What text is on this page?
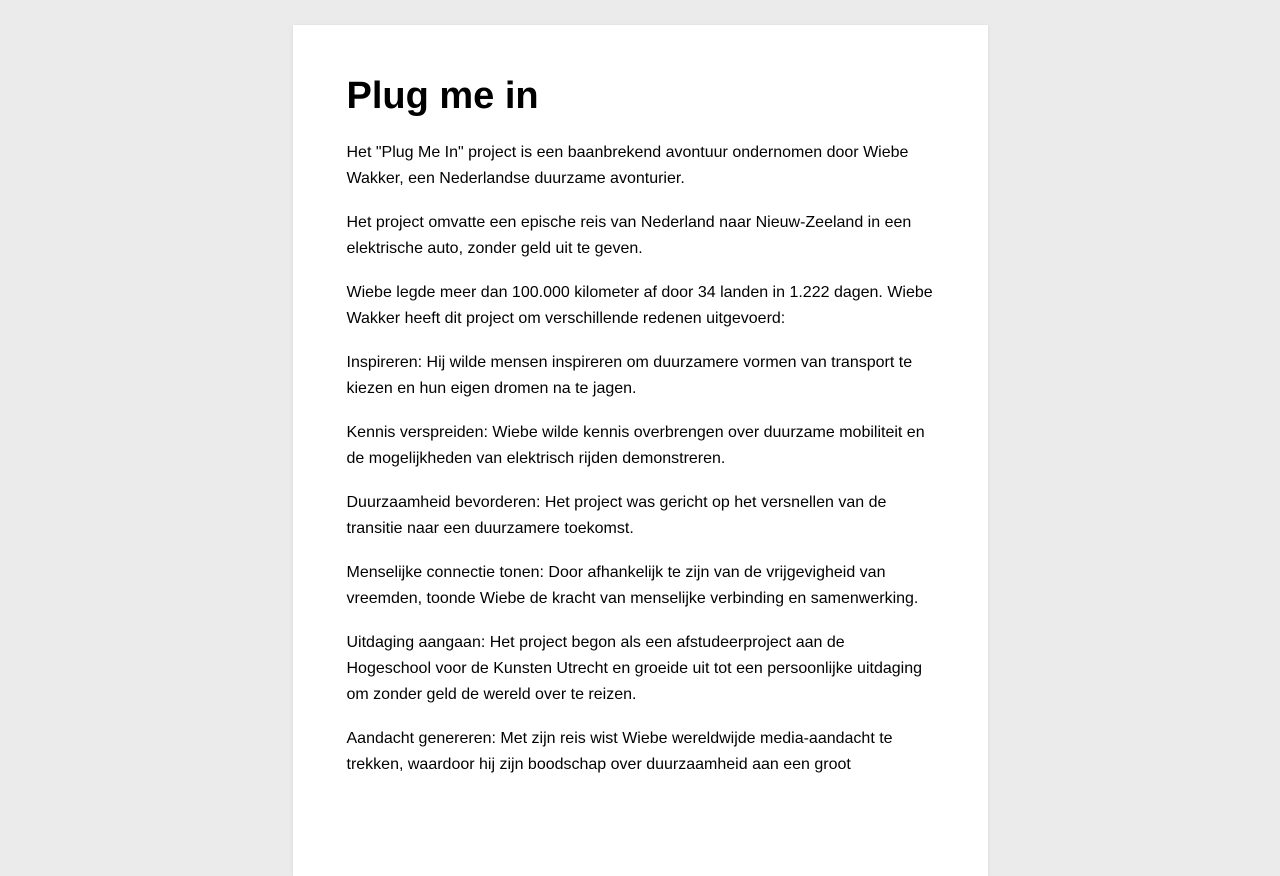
Plug me in

Het "Plug Me In" project is een baanbrekend avontuur ondernomen door Wiebe Wakker, een Nederlandse duurzame avonturier.

Het project omvatte een epische reis van Nederland naar Nieuw-Zeeland in een elektrische auto, zonder geld uit te geven.

Wiebe legde meer dan 100.000 kilometer af door 34 landen in 1.222 dagen. Wiebe Wakker heeft dit project om verschillende redenen uitgevoerd:

Inspireren: Hij wilde mensen inspireren om duurzamere vormen van transport te kiezen en hun eigen dromen na te jagen.

Kennis verspreiden: Wiebe wilde kennis overbrengen over duurzame mobiliteit en de mogelijkheden van elektrisch rijden demonstreren.

Duurzaamheid bevorderen: Het project was gericht op het versnellen van de transitie naar een duurzamere toekomst.

Menselijke connectie tonen: Door afhankelijk te zijn van de vrijgevigheid van vreemden, toonde Wiebe de kracht van menselijke verbinding en samenwerking.

Uitdaging aangaan: Het project begon als een afstudeerproject aan de Hogeschool voor de Kunsten Utrecht en groeide uit tot een persoonlijke uitdaging om zonder geld de wereld over te reizen.

Aandacht genereren: Met zijn reis wist Wiebe wereldwijde media-aandacht te trekken, waardoor hij zijn boodschap over duurzaamheid aan een groot
